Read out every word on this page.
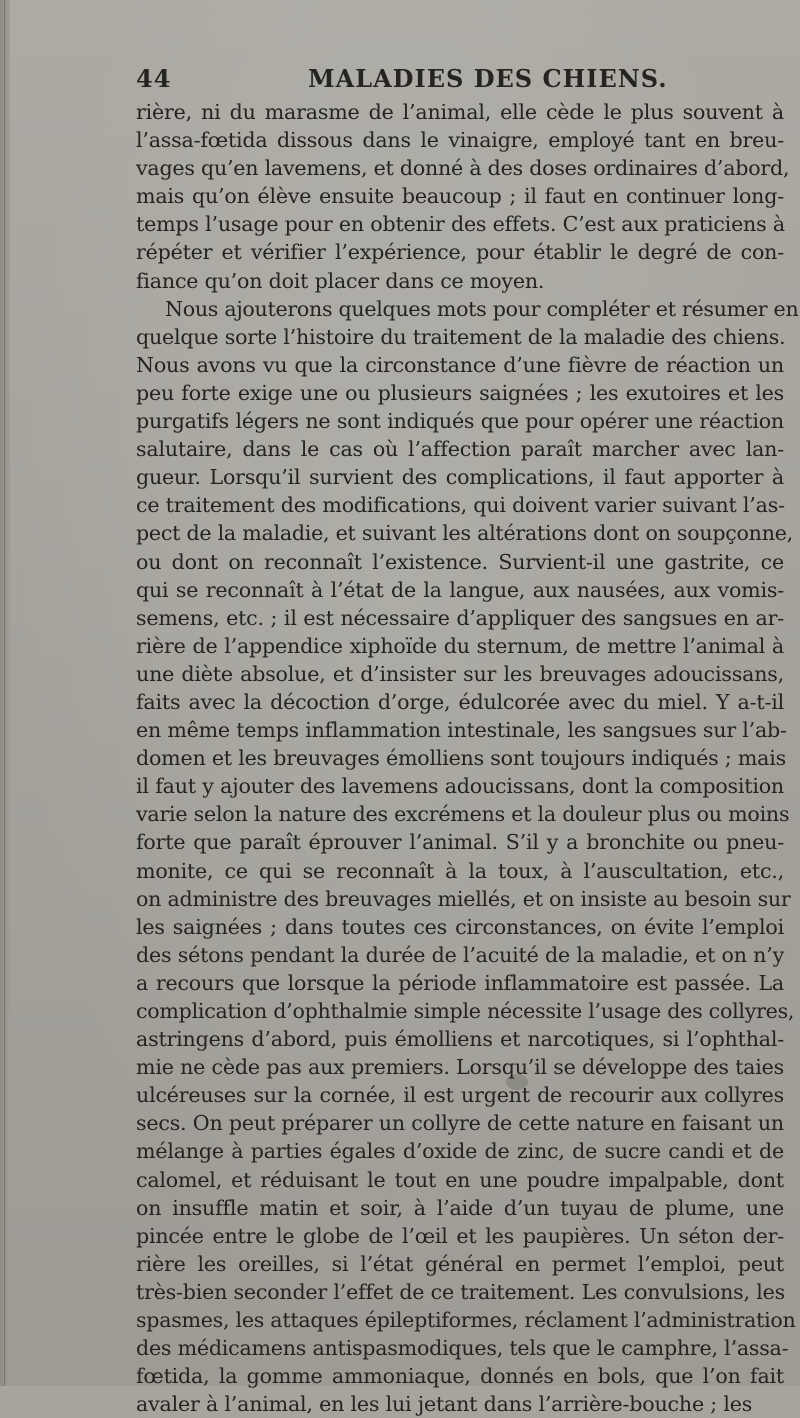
44	MALADIES DES CHIENS.
rière, ni du marasme de l’animal, elle cède le plus souvent à
l’assa-fœtida dissous dans le vinaigre, employé tant en breu-
vages qu’en lavemens, et donné à des doses ordinaires d’abord,
mais qu’on élève ensuite beaucoup ; il faut en continuer long-
temps l’usage pour en obtenir des effets. C’est aux praticiens à
répéter et vérifier l’expérience, pour établir le degré de con-
fiance qu’on doit placer dans ce moyen.
Nous ajouterons quelques mots pour compléter et résumer en
quelque sorte l’histoire du traitement de la maladie des chiens.
Nous avons vu que la circonstance d’une fièvre de réaction un
peu forte exige une ou plusieurs saignées ; les exutoires et les
purgatifs légers ne sont indiqués que pour opérer une réaction
salutaire, dans le cas où l’affection paraît marcher avec lan-
gueur. Lorsqu’il survient des complications, il faut apporter à
ce traitement des modifications, qui doivent varier suivant l’as-
pect de la maladie, et suivant les altérations dont on soupçonne,
ou dont on reconnaît l’existence. Survient-il une gastrite, ce
qui se reconnaît à l’état de la langue, aux nausées, aux vomis-
semens, etc. ; il est nécessaire d’appliquer des sangsues en ar-
rière de l’appendice xiphoïde du sternum, de mettre l’animal à
une diète absolue, et d’insister sur les breuvages adoucissans,
faits avec la décoction d’orge, édulcorée avec du miel. Y a-t-il
en même temps inflammation intestinale, les sangsues sur l’ab-
domen et les breuvages émolliens sont toujours indiqués ; mais
il faut y ajouter des lavemens adoucissans, dont la composition
varie selon la nature des excrémens et la douleur plus ou moins
forte que paraît éprouver l’animal. S’il y a bronchite ou pneu-
monite, ce qui se reconnaît à la toux, à l’auscultation, etc.,
on administre des breuvages miellés, et on insiste au besoin sur
les saignées ; dans toutes ces circonstances, on évite l’emploi
des sétons pendant la durée de l’acuité de la maladie, et on n’y
a recours que lorsque la période inflammatoire est passée. La
complication d’ophthalmie simple nécessite l’usage des collyres,
astringens d’abord, puis émolliens et narcotiques, si l’ophthal-
mie ne cède pas aux premiers. Lorsqu’il se développe des taies
ulcéreuses sur la cornée, il est urgent de recourir aux collyres
secs. On peut préparer un collyre de cette nature en faisant un
mélange à parties égales d’oxide de zinc, de sucre candi et de
calomel, et réduisant le tout en une poudre impalpable, dont
on insuffle matin et soir, à l’aide d’un tuyau de plume, une
pincée entre le globe de l’œil et les paupières. Un séton der-
rière les oreilles, si l’état général en permet l’emploi, peut
très-bien seconder l’effet de ce traitement. Les convulsions, les
spasmes, les attaques épileptiformes, réclament l’administration
des médicamens antispasmodiques, tels que le camphre, l’assa-
fœtida, la gomme ammoniaque, donnés en bols, que l’on fait
avaler à l’animal, en les lui jetant dans l’arrière-bouche ; les
